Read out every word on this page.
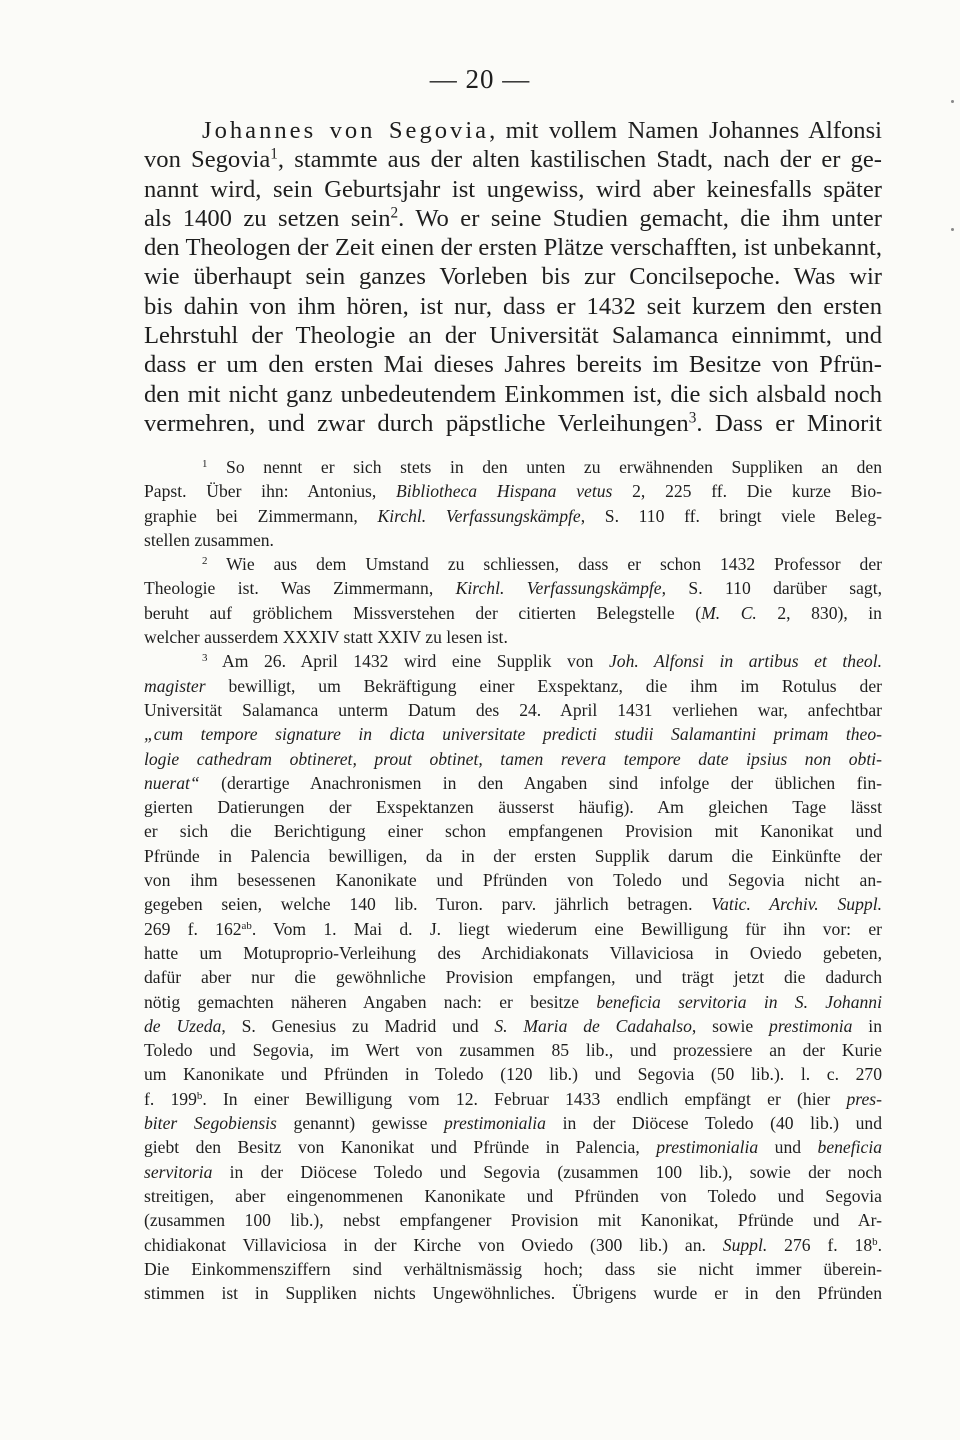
— 20 —
Johannes von Segovia, mit vollem Namen Johannes Alfonsi
von Segovia$^1$, stammte aus der alten kastilischen Stadt, nach der er ge-
nannt wird, sein Geburtsjahr ist ungewiss, wird aber keinesfalls später
als 1400 zu setzen sein$^2$. Wo er seine Studien gemacht, die ihm unter
den Theologen der Zeit einen der ersten Plätze verschafften, ist unbekannt,
wie überhaupt sein ganzes Vorleben bis zur Concilsepoche. Was wir
bis dahin von ihm hören, ist nur, dass er 1432 seit kurzem den ersten
Lehrstuhl der Theologie an der Universität Salamanca einnimmt, und
dass er um den ersten Mai dieses Jahres bereits im Besitze von Pfrün-
den mit nicht ganz unbedeutendem Einkommen ist, die sich alsbald noch
vermehren, und zwar durch päpstliche Verleihungen$^3$. Dass er Minorit
$^1$ So nennt er sich stets in den unten zu erwähnenden Suppliken an den
Papst. Über ihn: Antonius, Bibliotheca Hispana vetus 2, 225 ff. Die kurze Bio-
graphie bei Zimmermann, Kirchl. Verfassungskämpfe, S. 110 ff. bringt viele Beleg-
stellen zusammen.
$^2$ Wie aus dem Umstand zu schliessen, dass er schon 1432 Professor der
Theologie ist. Was Zimmermann, Kirchl. Verfassungskämpfe, S. 110 darüber sagt,
beruht auf gröblichem Missverstehen der citierten Belegstelle (M. C. 2, 830), in
welcher ausserdem XXXIV statt XXIV zu lesen ist.
$^3$ Am 26. April 1432 wird eine Supplik von Joh. Alfonsi in artibus et theol.
magister bewilligt, um Bekräftigung einer Exspektanz, die ihm im Rotulus der
Universität Salamanca unterm Datum des 24. April 1431 verliehen war, anfechtbar
„cum tempore signature in dicta universitate predicti studii Salamantini primam theo-
logie cathedram obtineret, prout obtinet, tamen revera tempore date ipsius non obti-
nuerat“ (derartige Anachronismen in den Angaben sind infolge der üblichen fin-
gierten Datierungen der Exspektanzen äusserst häufig). Am gleichen Tage lässt
er sich die Berichtigung einer schon empfangenen Provision mit Kanonikat und
Pfründe in Palencia bewilligen, da in der ersten Supplik darum die Einkünfte der
von ihm besessenen Kanonikate und Pfründen von Toledo und Segovia nicht an-
gegeben seien, welche 140 lib. Turon. parv. jährlich betragen. Vatic. Archiv. Suppl.
269 f. $162^{ab}$. Vom 1. Mai d. J. liegt wiederum eine Bewilligung für ihn vor: er
hatte um Motuproprio-Verleihung des Archidiakonats Villaviciosa in Oviedo gebeten,
dafür aber nur die gewöhnliche Provision empfangen, und trägt jetzt die dadurch
nötig gemachten näheren Angaben nach: er besitze beneficia servitoria in S. Johanni
de Uzeda, S. Genesius zu Madrid und S. Maria de Cadahalso, sowie prestimonia in
Toledo und Segovia, im Wert von zusammen 85 lib., und prozessiere an der Kurie
um Kanonikate und Pfründen in Toledo (120 lib.) und Segovia (50 lib.). l. c. 270
f. 199$^b$. In einer Bewilligung vom 12. Februar 1433 endlich empfängt er (hier pres-
biter Segobiensis genannt) gewisse prestimonialia in der Diöcese Toledo (40 lib.) und
giebt den Besitz von Kanonikat und Pfründe in Palencia, prestimonialia und beneficia
servitoria in der Diöcese Toledo und Segovia (zusammen 100 lib.), sowie der noch
streitigen, aber eingenommenen Kanonikate und Pfründen von Toledo und Segovia
(zusammen 100 lib.), nebst empfangener Provision mit Kanonikat, Pfründe und Ar-
chidiakonat Villaviciosa in der Kirche von Oviedo (300 lib.) an. Suppl. 276 f. 18$^b$.
Die Einkommensziffern sind verhältnismässig hoch; dass sie nicht immer überein-
stimmen ist in Suppliken nichts Ungewöhnliches. Übrigens wurde er in den Pfründen
